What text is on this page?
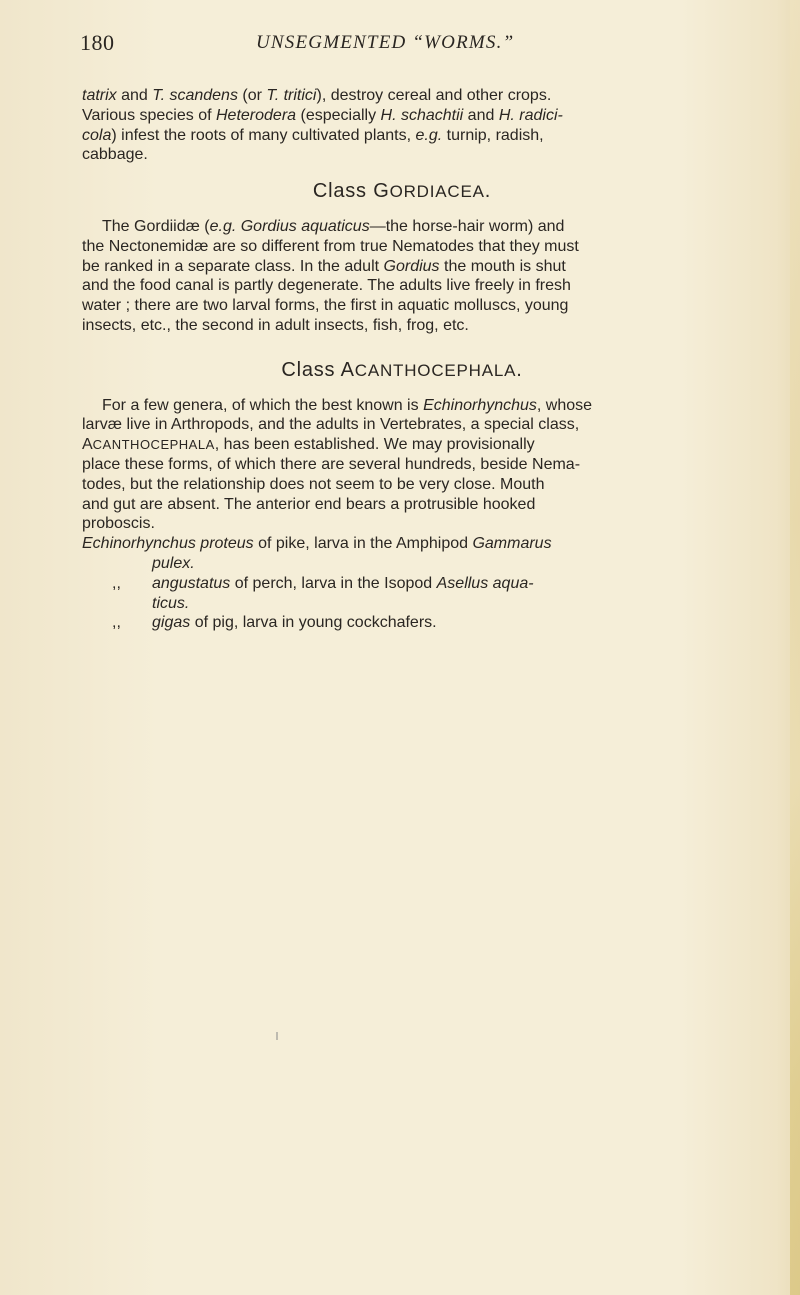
180	UNSEGMENTED “WORMS.”

tatrix and T. scandens (or T. tritici), destroy cereal and other crops.
Various species of Heterodera (especially H. schachtii and H. radici-
cola) infest the roots of many cultivated plants, e.g. turnip, radish,
cabbage.

Class GORDIACEA.

The Gordiidæ (e.g. Gordius aquaticus—the horse-hair worm) and
the Nectonemidæ are so different from true Nematodes that they must
be ranked in a separate class. In the adult Gordius the mouth is shut
and the food canal is partly degenerate. The adults live freely in fresh
water ; there are two larval forms, the first in aquatic molluscs, young
insects, etc., the second in adult insects, fish, frog, etc.

Class ACANTHOCEPHALA.

For a few genera, of which the best known is Echinorhynchus, whose
larvæ live in Arthropods, and the adults in Vertebrates, a special class,
ACANTHOCEPHALA, has been established. We may provisionally
place these forms, of which there are several hundreds, beside Nema-
todes, but the relationship does not seem to be very close. Mouth
and gut are absent. The anterior end bears a protrusible hooked
proboscis.

Echinorhynchus proteus of pike, larva in the Amphipod Gammarus
pulex.
,, angustatus of perch, larva in the Isopod Asellus aqua-
ticus.
,, gigas of pig, larva in young cockchafers.
